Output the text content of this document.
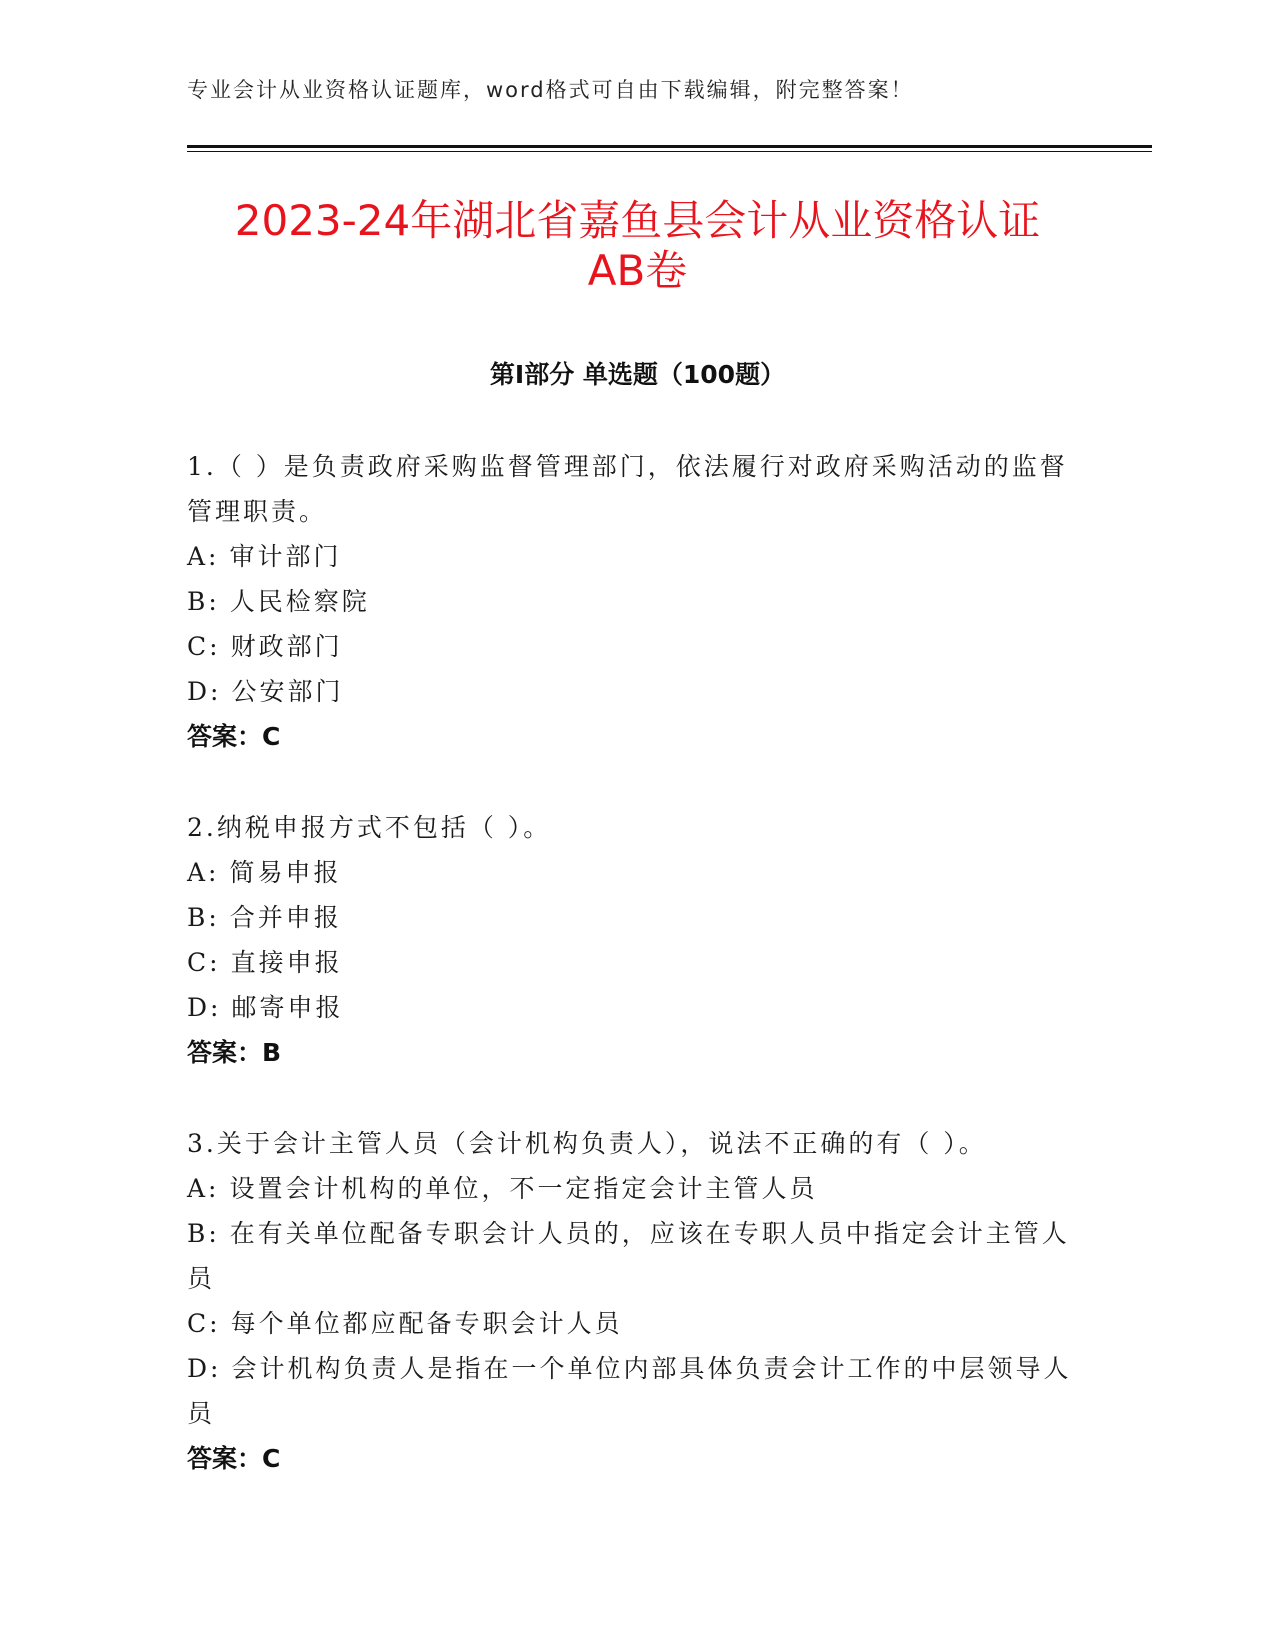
专业会计从业资格认证题库，word格式可自由下载编辑，附完整答案！
2023-24年湖北省嘉鱼县会计从业资格认证
AB卷
第Ⅰ部分 单选题（100题）
1.（ ）是负责政府采购监督管理部门，依法履行对政府采购活动的监督管理职责。
A: 审计部门
B: 人民检察院
C: 财政部门
D: 公安部门
答案：C
2.纳税申报方式不包括（ ）。
A: 简易申报
B: 合并申报
C: 直接申报
D: 邮寄申报
答案：B
3.关于会计主管人员（会计机构负责人），说法不正确的有（ ）。
A: 设置会计机构的单位，不一定指定会计主管人员
B: 在有关单位配备专职会计人员的，应该在专职人员中指定会计主管人员
C: 每个单位都应配备专职会计人员
D: 会计机构负责人是指在一个单位内部具体负责会计工作的中层领导人员
答案：C
